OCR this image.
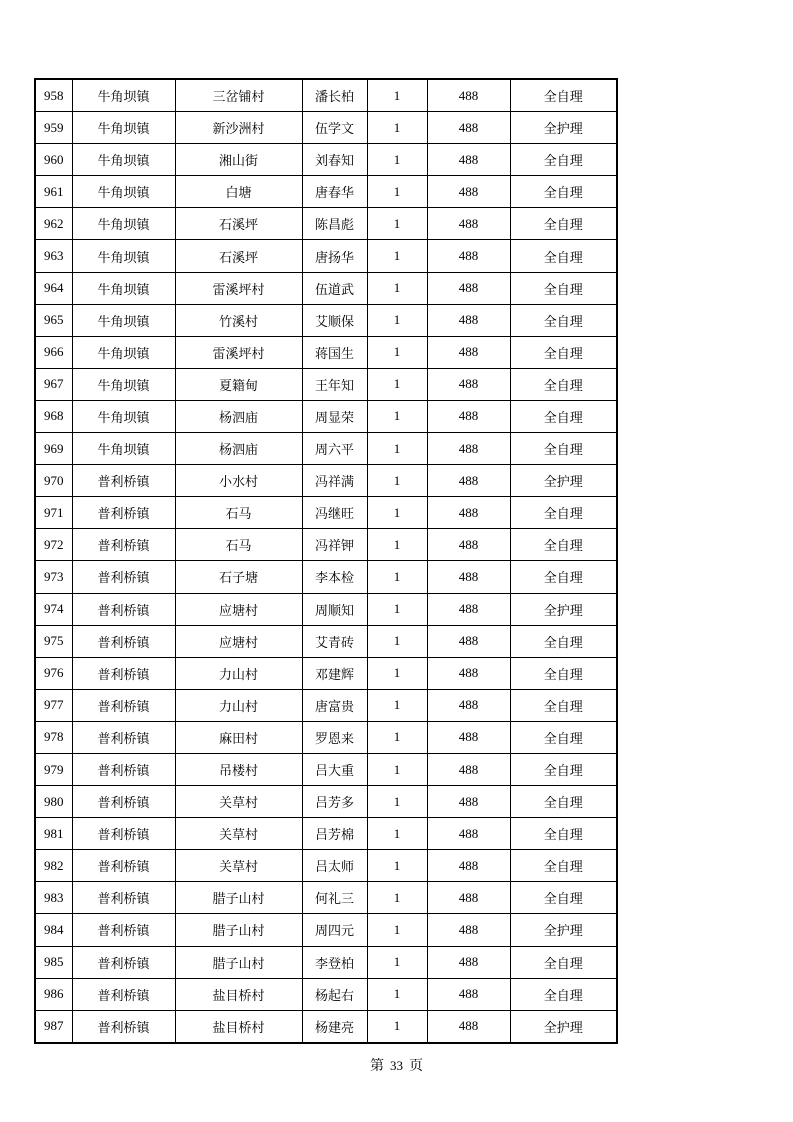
958	牛角坝镇	三岔铺村	潘长柏	1	488	全自理
959	牛角坝镇	新沙洲村	伍学文	1	488	全护理
960	牛角坝镇	湘山街	刘春知	1	488	全自理
961	牛角坝镇	白塘	唐春华	1	488	全自理
962	牛角坝镇	石溪坪	陈昌彪	1	488	全自理
963	牛角坝镇	石溪坪	唐扬华	1	488	全自理
964	牛角坝镇	雷溪坪村	伍道武	1	488	全自理
965	牛角坝镇	竹溪村	艾顺保	1	488	全自理
966	牛角坝镇	雷溪坪村	蒋国生	1	488	全自理
967	牛角坝镇	夏籍甸	王年知	1	488	全自理
968	牛角坝镇	杨泗庙	周显荣	1	488	全自理
969	牛角坝镇	杨泗庙	周六平	1	488	全自理
970	普利桥镇	小水村	冯祥满	1	488	全护理
971	普利桥镇	石马	冯继旺	1	488	全自理
972	普利桥镇	石马	冯祥钾	1	488	全自理
973	普利桥镇	石子塘	李本检	1	488	全自理
974	普利桥镇	应塘村	周顺知	1	488	全护理
975	普利桥镇	应塘村	艾青砖	1	488	全自理
976	普利桥镇	力山村	邓建辉	1	488	全自理
977	普利桥镇	力山村	唐富贵	1	488	全自理
978	普利桥镇	麻田村	罗恩来	1	488	全自理
979	普利桥镇	吊楼村	吕大重	1	488	全自理
980	普利桥镇	关草村	吕芳多	1	488	全自理
981	普利桥镇	关草村	吕芳棉	1	488	全自理
982	普利桥镇	关草村	吕太师	1	488	全自理
983	普利桥镇	腊子山村	何礼三	1	488	全自理
984	普利桥镇	腊子山村	周四元	1	488	全护理
985	普利桥镇	腊子山村	李登柏	1	488	全自理
986	普利桥镇	盐目桥村	杨起右	1	488	全自理
987	普利桥镇	盐目桥村	杨建亮	1	488	全护理
第 33 页
